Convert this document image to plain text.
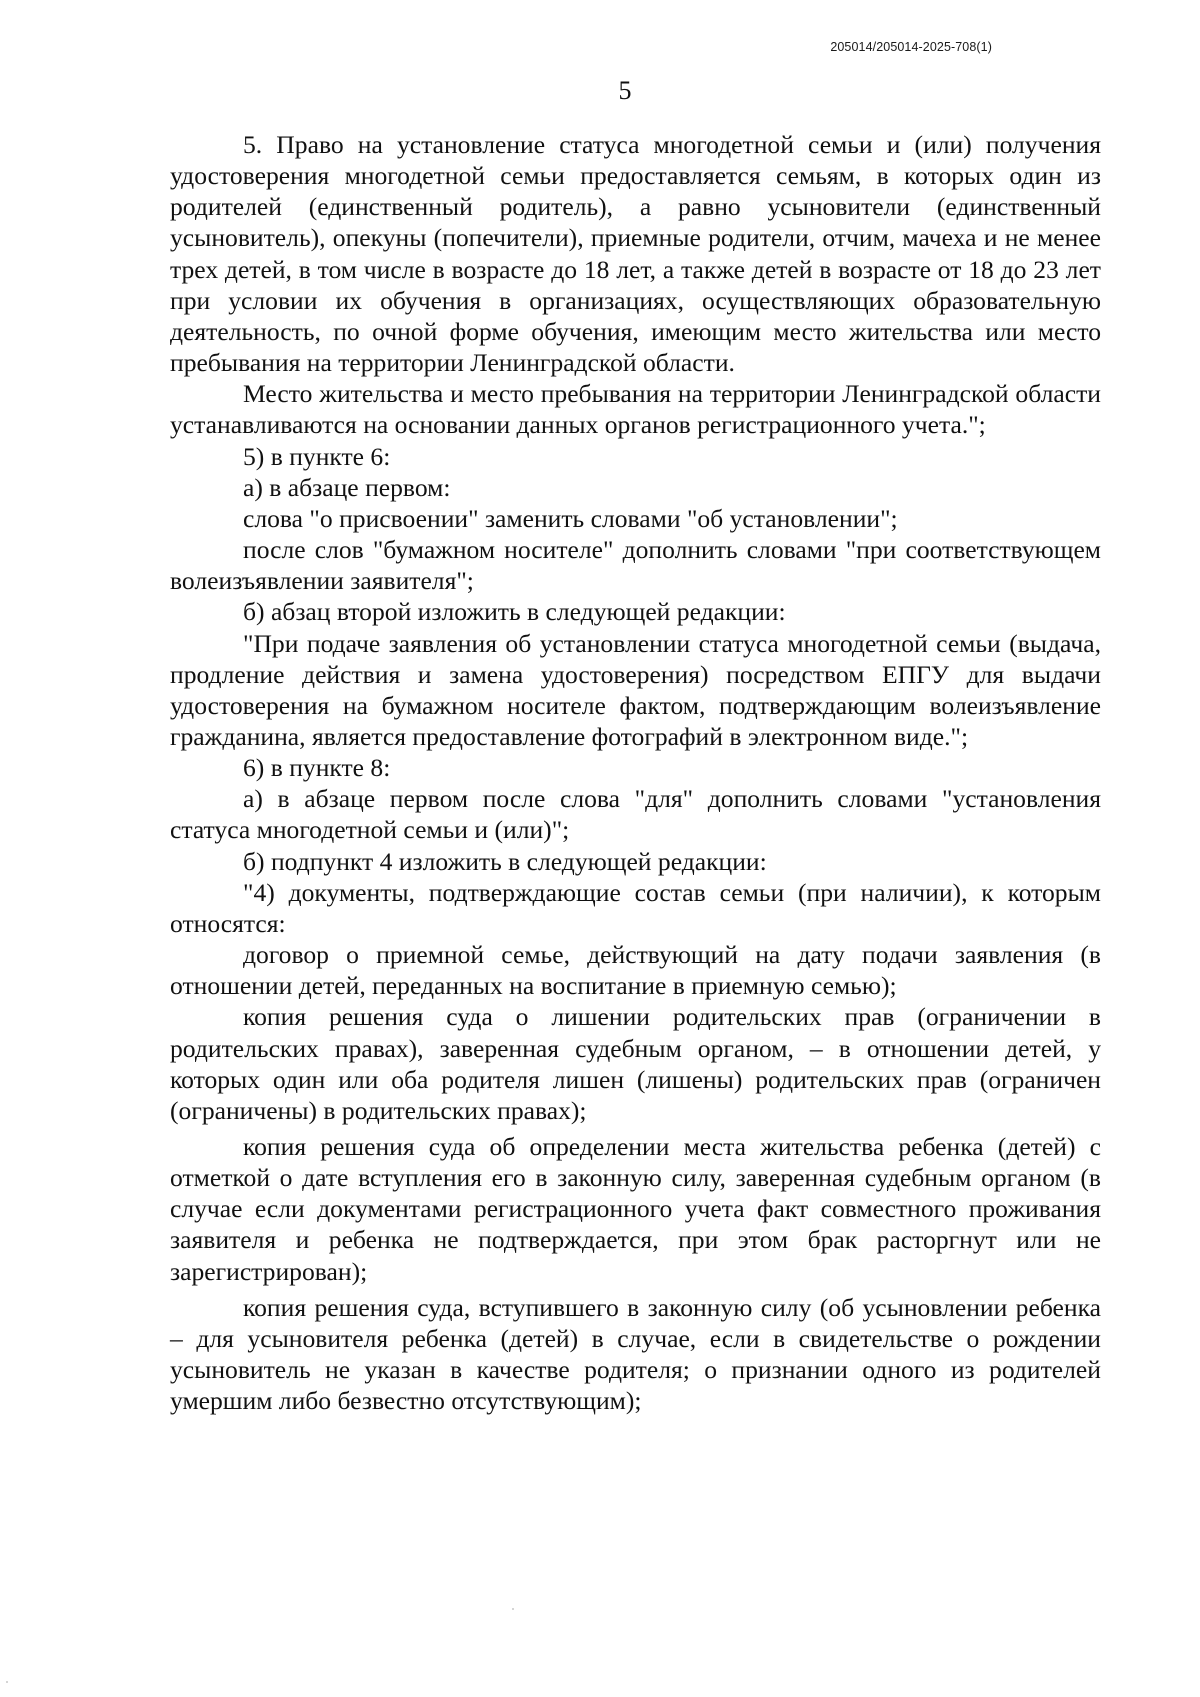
205014/205014-2025-708(1)
5

5. Право на установление статуса многодетной семьи и (или) получения удостоверения многодетной семьи предоставляется семьям, в которых один из родителей (единственный родитель), а равно усыновители (единственный усыновитель), опекуны (попечители), приемные родители, отчим, мачеха и не менее трех детей, в том числе в возрасте до 18 лет, а также детей в возрасте от 18 до 23 лет при условии их обучения в организациях, осуществляющих образовательную деятельность, по очной форме обучения, имеющим место жительства или место пребывания на территории Ленинградской области.

Место жительства и место пребывания на территории Ленинградской области устанавливаются на основании данных органов регистрационного учета.";

5) в пункте 6:

а) в абзаце первом:

слова "о присвоении" заменить словами "об установлении";

после слов "бумажном носителе" дополнить словами "при соответствующем волеизъявлении заявителя";

б) абзац второй изложить в следующей редакции:

"При подаче заявления об установлении статуса многодетной семьи (выдача, продление действия и замена удостоверения) посредством ЕПГУ для выдачи удостоверения на бумажном носителе фактом, подтверждающим волеизъявление гражданина, является предоставление фотографий в электронном виде.";

6) в пункте 8:

а) в абзаце первом после слова "для" дополнить словами "установления статуса многодетной семьи и (или)";

б) подпункт 4 изложить в следующей редакции:

"4) документы, подтверждающие состав семьи (при наличии), к которым относятся:

договор о приемной семье, действующий на дату подачи заявления (в отношении детей, переданных на воспитание в приемную семью);

копия решения суда о лишении родительских прав (ограничении в родительских правах), заверенная судебным органом, – в отношении детей, у которых один или оба родителя лишен (лишены) родительских прав (ограничен (ограничены) в родительских правах);

копия решения суда об определении места жительства ребенка (детей) с отметкой о дате вступления его в законную силу, заверенная судебным органом (в случае если документами регистрационного учета факт совместного проживания заявителя и ребенка не подтверждается, при этом брак расторгнут или не зарегистрирован);

копия решения суда, вступившего в законную силу (об усыновлении ребенка – для усыновителя ребенка (детей) в случае, если в свидетельстве о рождении усыновитель не указан в качестве родителя; о признании одного из родителей умершим либо безвестно отсутствующим);
